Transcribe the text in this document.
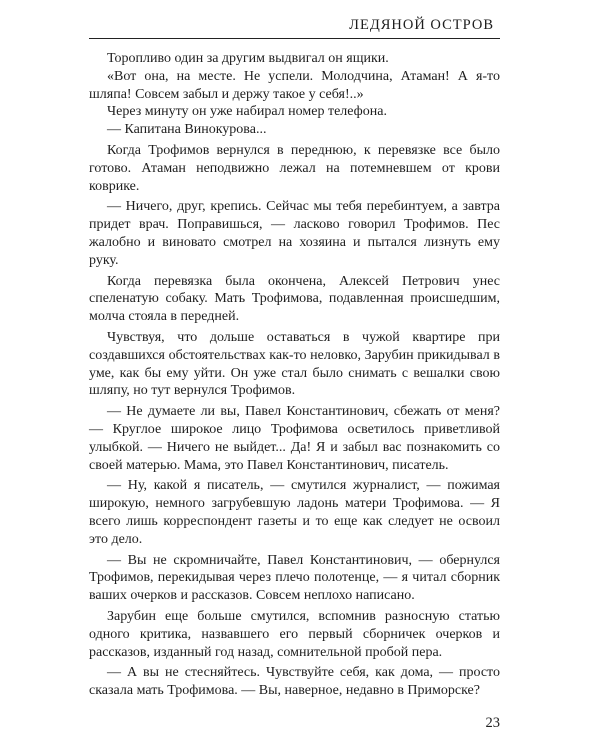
ЛЕДЯНОЙ ОСТРОВ

Торопливо один за другим выдвигал он ящики.

«Вот она, на месте. Не успели. Молодчина, Атаман! А я-то шляпа! Совсем забыл и держу такое у себя!..»

Через минуту он уже набирал номер телефона.

— Капитана Винокурова...

Когда Трофимов вернулся в переднюю, к перевязке все было готово. Атаман неподвижно лежал на потемневшем от крови коврике.

— Ничего, друг, крепись. Сейчас мы тебя перебинтуем, а завтра придет врач. Поправишься, — ласково говорил Трофимов. Пес жалобно и виновато смотрел на хозяина и пытался лизнуть ему руку.

Когда перевязка была окончена, Алексей Петрович унес спеленатую собаку. Мать Трофимова, подавленная происшедшим, молча стояла в передней.

Чувствуя, что дольше оставаться в чужой квартире при создавшихся обстоятельствах как-то неловко, Зарубин прикидывал в уме, как бы ему уйти. Он уже стал было снимать с вешалки свою шляпу, но тут вернулся Трофимов.

— Не думаете ли вы, Павел Константинович, сбежать от меня? — Круглое широкое лицо Трофимова осветилось приветливой улыбкой. — Ничего не выйдет... Да! Я и забыл вас познакомить со своей матерью. Мама, это Павел Константинович, писатель.

— Ну, какой я писатель, — смутился журналист, — пожимая широкую, немного загрубевшую ладонь матери Трофимова. — Я всего лишь корреспондент газеты и то еще как следует не освоил это дело.

— Вы не скромничайте, Павел Константинович, — обернулся Трофимов, перекидывая через плечо полотенце, — я читал сборник ваших очерков и рассказов. Совсем неплохо написано.

Зарубин еще больше смутился, вспомнив разносную статью одного критика, назвавшего его первый сборничек очерков и рассказов, изданный год назад, сомнительной пробой пера.

— А вы не стесняйтесь. Чувствуйте себя, как дома, — просто сказала мать Трофимова. — Вы, наверное, недавно в Приморске?

23
